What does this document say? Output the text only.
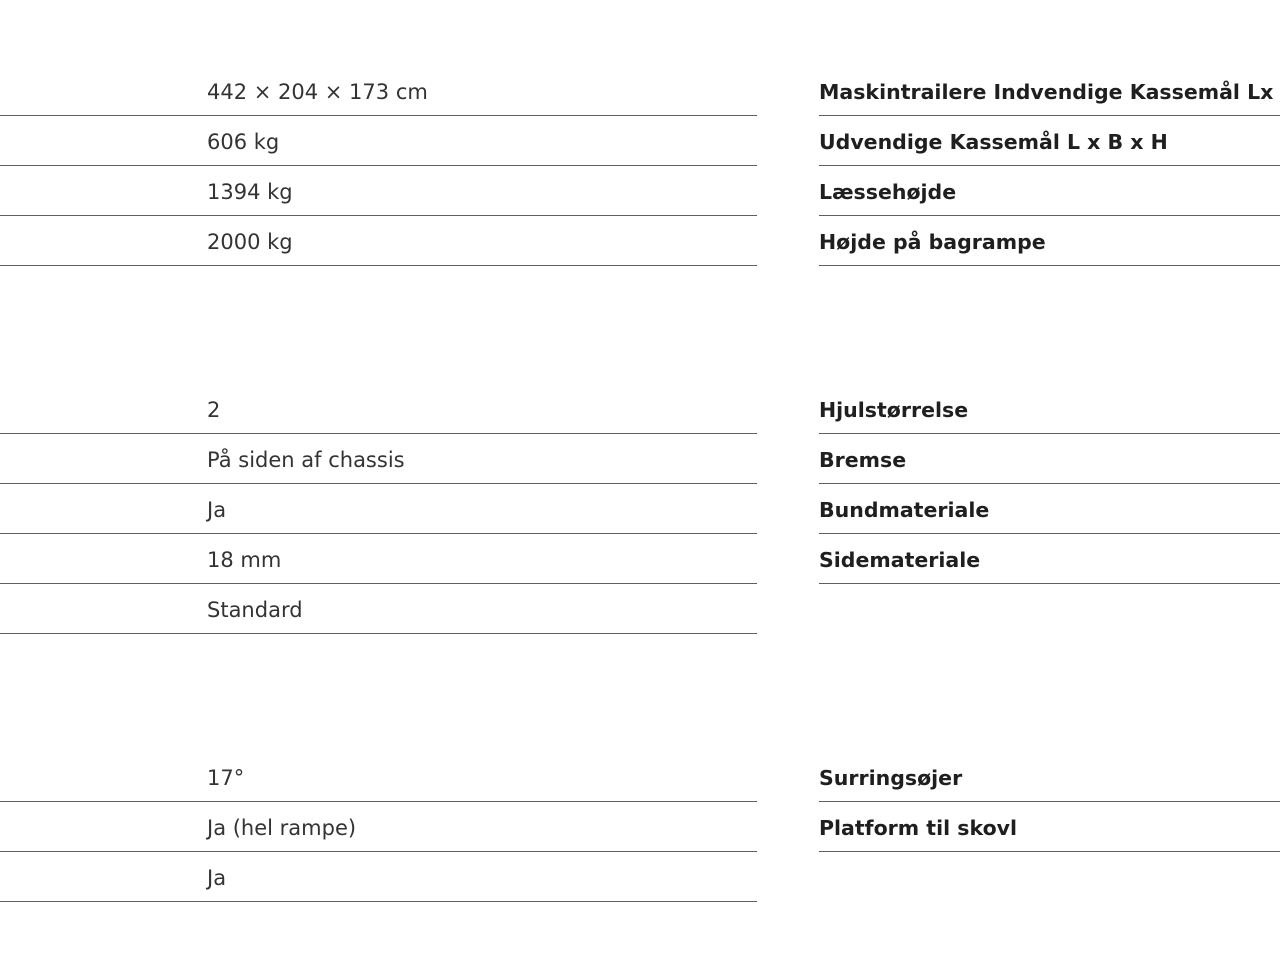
442 × 204 × 173 cm
606 kg
1394 kg
2000 kg
Maskintrailere Indvendige Kassemål Lx
Udvendige Kassemål L x B x H
Læssehøjde
Højde på bagrampe
2
På siden af chassis
Ja
18 mm
Standard
Hjulstørrelse
Bremse
Bundmateriale
Sidemateriale
17°
Ja (hel rampe)
Ja
Surringsøjer
Platform til skovl
